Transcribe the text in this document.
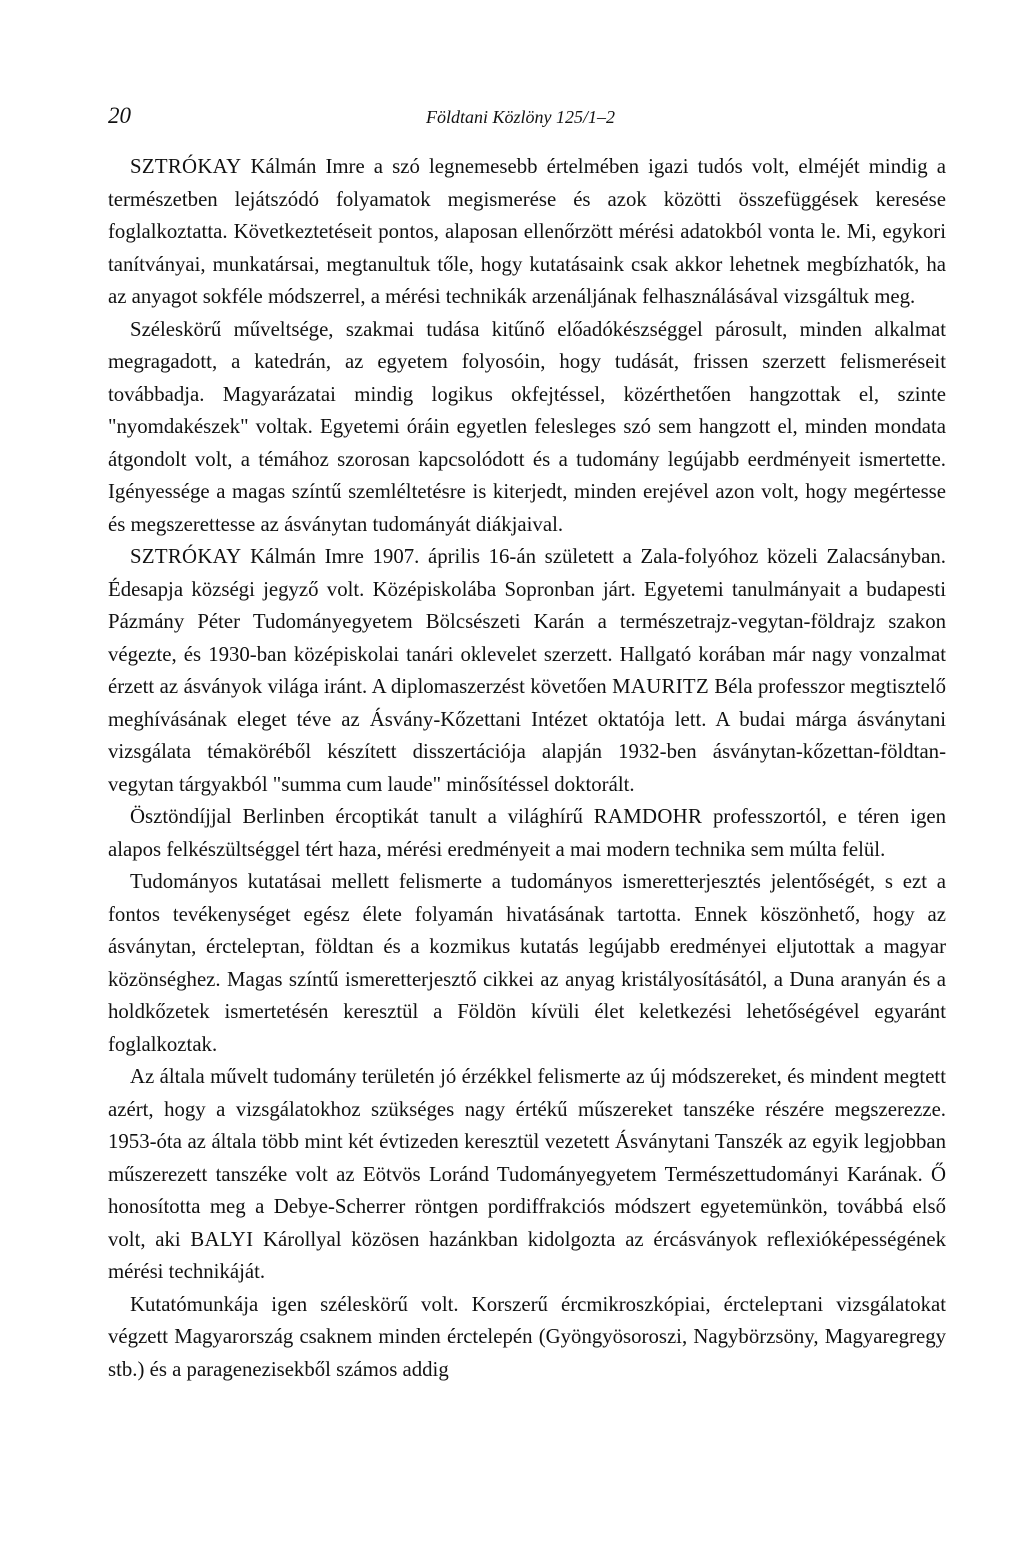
20	Földtani Közlöny 125/1–2

SZTRÓKAY Kálmán Imre a szó legnemesebb értelmében igazi tudós volt, elméjét mindig a természetben lejátszódó folyamatok megismerése és azok közötti összefüggések keresése foglalkoztatta. Következtetéseit pontos, alaposan ellenőrzött mérési adatokból vonta le. Mi, egykori tanítványai, munkatársai, megtanultuk tőle, hogy kutatásaink csak akkor lehetnek megbízhatók, ha az anyagot sokféle módszerrel, a mérési technikák arzenáljának felhasználásával vizsgáltuk meg.

Széleskörű műveltsége, szakmai tudása kitűnő előadókészséggel párosult, minden alkalmat megragadott, a katedrán, az egyetem folyosóin, hogy tudását, frissen szerzett felismeréseit továbbadja. Magyarázatai mindig logikus okfejtéssel, közérthetően hangzottak el, szinte "nyomdakészek" voltak. Egyetemi óráin egyetlen felesleges szó sem hangzott el, minden mondata átgondolt volt, a témához szorosan kapcsolódott és a tudomány legújabb eerdményeit ismertette. Igényessége a magas színtű szemléltetésre is kiterjedt, minden erejével azon volt, hogy megértesse és megszerettesse az ásványtan tudományát diákjaival.

SZTRÓKAY Kálmán Imre 1907. április 16-án született a Zala-folyóhoz közeli Zalacsányban. Édesapja községi jegyző volt. Középiskolába Sopronban járt. Egyetemi tanulmányait a budapesti Pázmány Péter Tudományegyetem Bölcsészeti Karán a természetrajz-vegytan-földrajz szakon végezte, és 1930-ban középiskolai tanári oklevelet szerzett. Hallgató korában már nagy vonzalmat érzett az ásványok világa iránt. A diplomaszerzést követően MAURITZ Béla professzor megtisztelő meghívásának eleget téve az Ásvány-Kőzettani Intézet oktatója lett. A budai márga ásványtani vizsgálata témaköréből készített disszertációja alapján 1932-ben ásványtan-kőzettan-földtan-vegytan tárgyakból "summa cum laude" minősítéssel doktorált.

Ösztöndíjjal Berlinben ércoptikát tanult a világhírű RAMDOHR professzortól, e téren igen alapos felkészültséggel tért haza, mérési eredményeit a mai modern technika sem múlta felül.

Tudományos kutatásai mellett felismerte a tudományos ismeretterjesztés jelentőségét, s ezt a fontos tevékenységet egész élete folyamán hivatásának tartotta. Ennek köszönhető, hogy az ásványtan, érctelepτan, földtan és a kozmikus kutatás legújabb eredményei eljutottak a magyar közönséghez. Magas színtű ismeretterjesztő cikkei az anyag kristályosításától, a Duna aranyán és a holdkőzetek ismertetésén keresztül a Földön kívüli élet keletkezési lehetőségével egyaránt foglalkoztak.

Az általa művelt tudomány területén jó érzékkel felismerte az új módszereket, és mindent megtett azért, hogy a vizsgálatokhoz szükséges nagy értékű műszereket tanszéke részére megszerezze. 1953-óta az általa több mint két évtizeden keresztül vezetett Ásványtani Tanszék az egyik legjobban műszerezett tanszéke volt az Eötvös Loránd Tudományegyetem Természettudományi Karának. Ő honosította meg a Debye-Scherrer röntgen pordiffrakciós módszert egyetemünkön, továbbá első volt, aki BALYI Károllyal közösen hazánkban kidolgozta az ércásványok reflexióképességének mérési technikáját.

Kutatómunkája igen széleskörű volt. Korszerű ércmikroszkópiai, érctelepτani vizsgálatokat végzett Magyarország csaknem minden érctelepén (Gyöngyösoroszi, Nagybörzsöny, Magyaregregy stb.) és a paragenezisekből számos addig
